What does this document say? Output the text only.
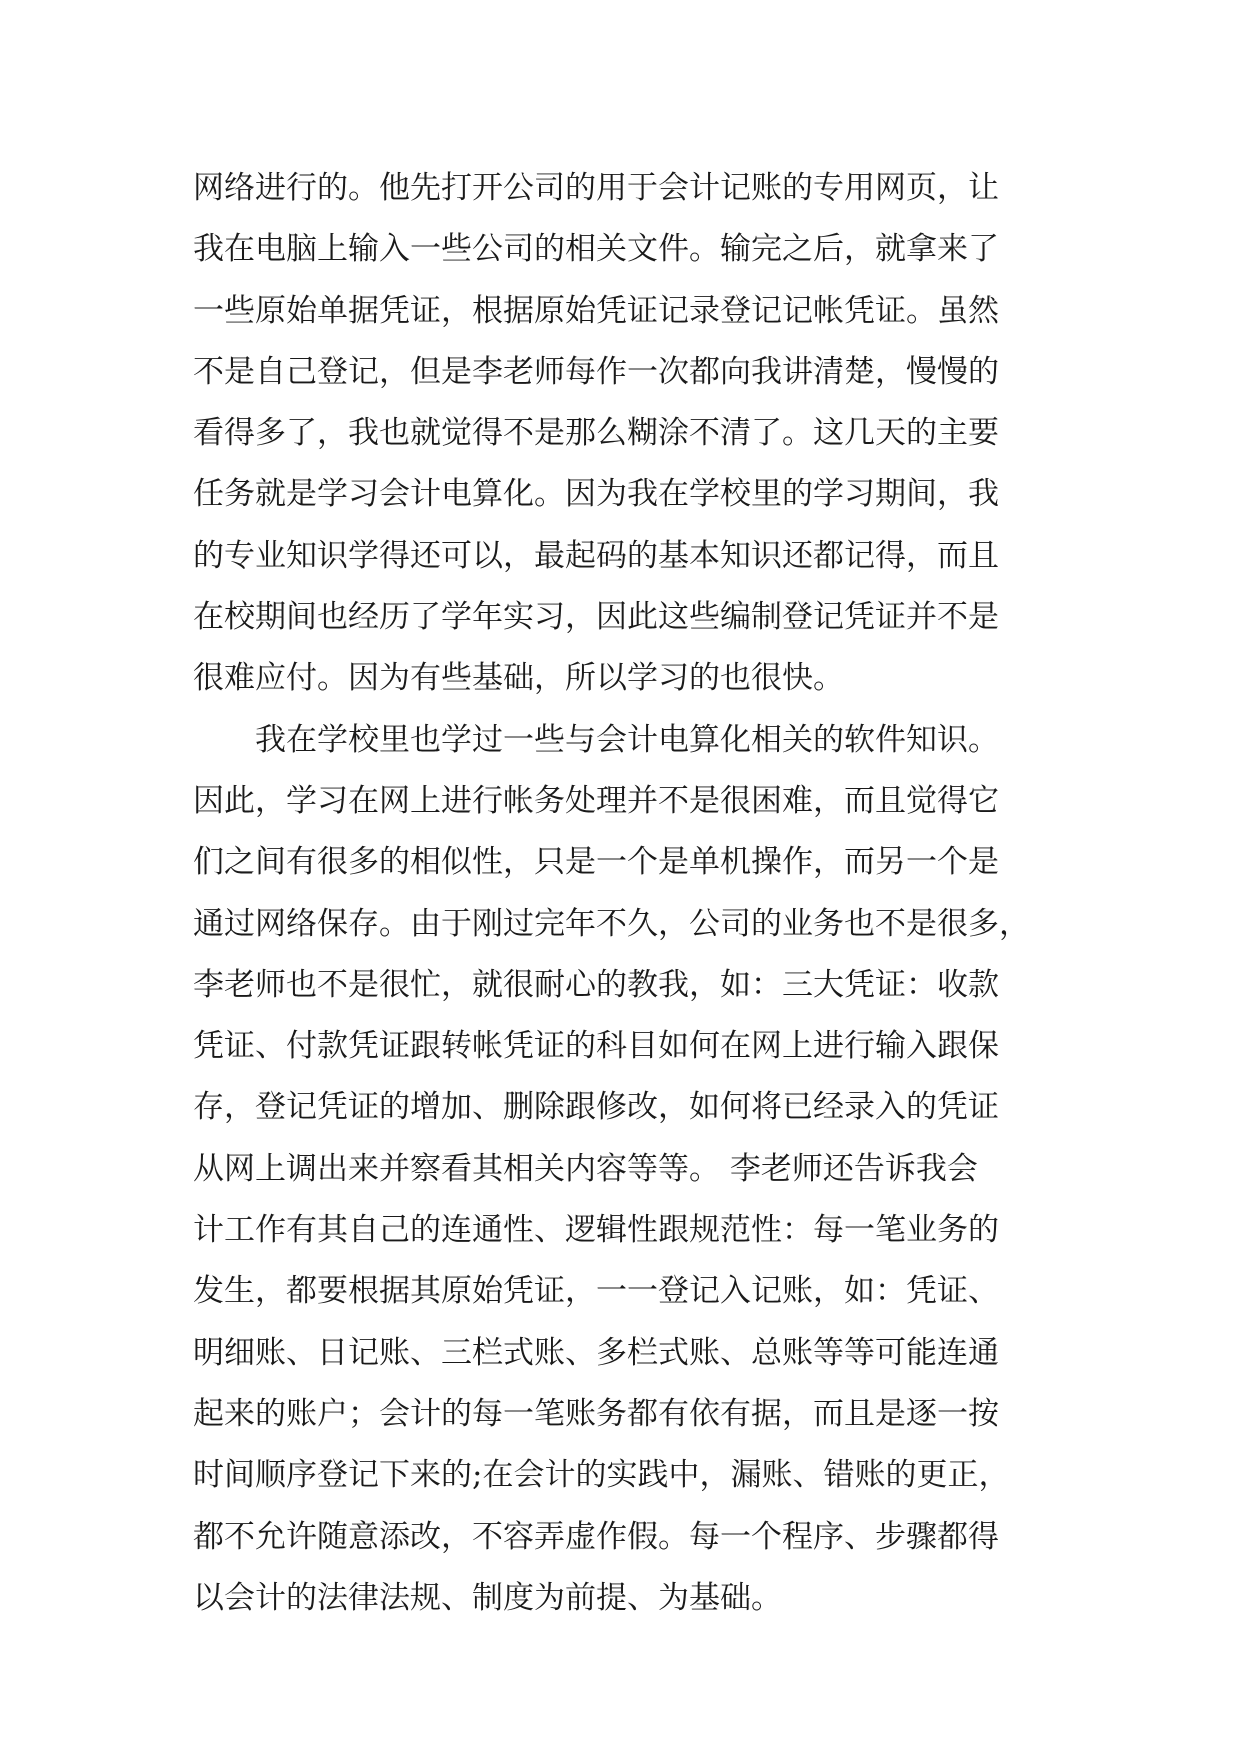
网络进行的。他先打开公司的用于会计记账的专用网页，让
我在电脑上输入一些公司的相关文件。输完之后，就拿来了
一些原始单据凭证，根据原始凭证记录登记记帐凭证。虽然
不是自己登记，但是李老师每作一次都向我讲清楚，慢慢的
看得多了，我也就觉得不是那么糊涂不清了。这几天的主要
任务就是学习会计电算化。因为我在学校里的学习期间，我
的专业知识学得还可以，最起码的基本知识还都记得，而且
在校期间也经历了学年实习，因此这些编制登记凭证并不是
很难应付。因为有些基础，所以学习的也很快。
我在学校里也学过一些与会计电算化相关的软件知识。
因此，学习在网上进行帐务处理并不是很困难，而且觉得它
们之间有很多的相似性，只是一个是单机操作，而另一个是
通过网络保存。由于刚过完年不久，公司的业务也不是很多，
李老师也不是很忙，就很耐心的教我，如：三大凭证：收款
凭证、付款凭证跟转帐凭证的科目如何在网上进行输入跟保
存，登记凭证的增加、删除跟修改，如何将已经录入的凭证
从网上调出来并察看其相关内容等等。 李老师还告诉我会
计工作有其自己的连通性、逻辑性跟规范性：每一笔业务的
发生，都要根据其原始凭证，一一登记入记账，如：凭证、
明细账、日记账、三栏式账、多栏式账、总账等等可能连通
起来的账户；会计的每一笔账务都有依有据，而且是逐一按
时间顺序登记下来的;在会计的实践中，漏账、错账的更正，
都不允许随意添改，不容弄虚作假。每一个程序、步骤都得
以会计的法律法规、制度为前提、为基础。
